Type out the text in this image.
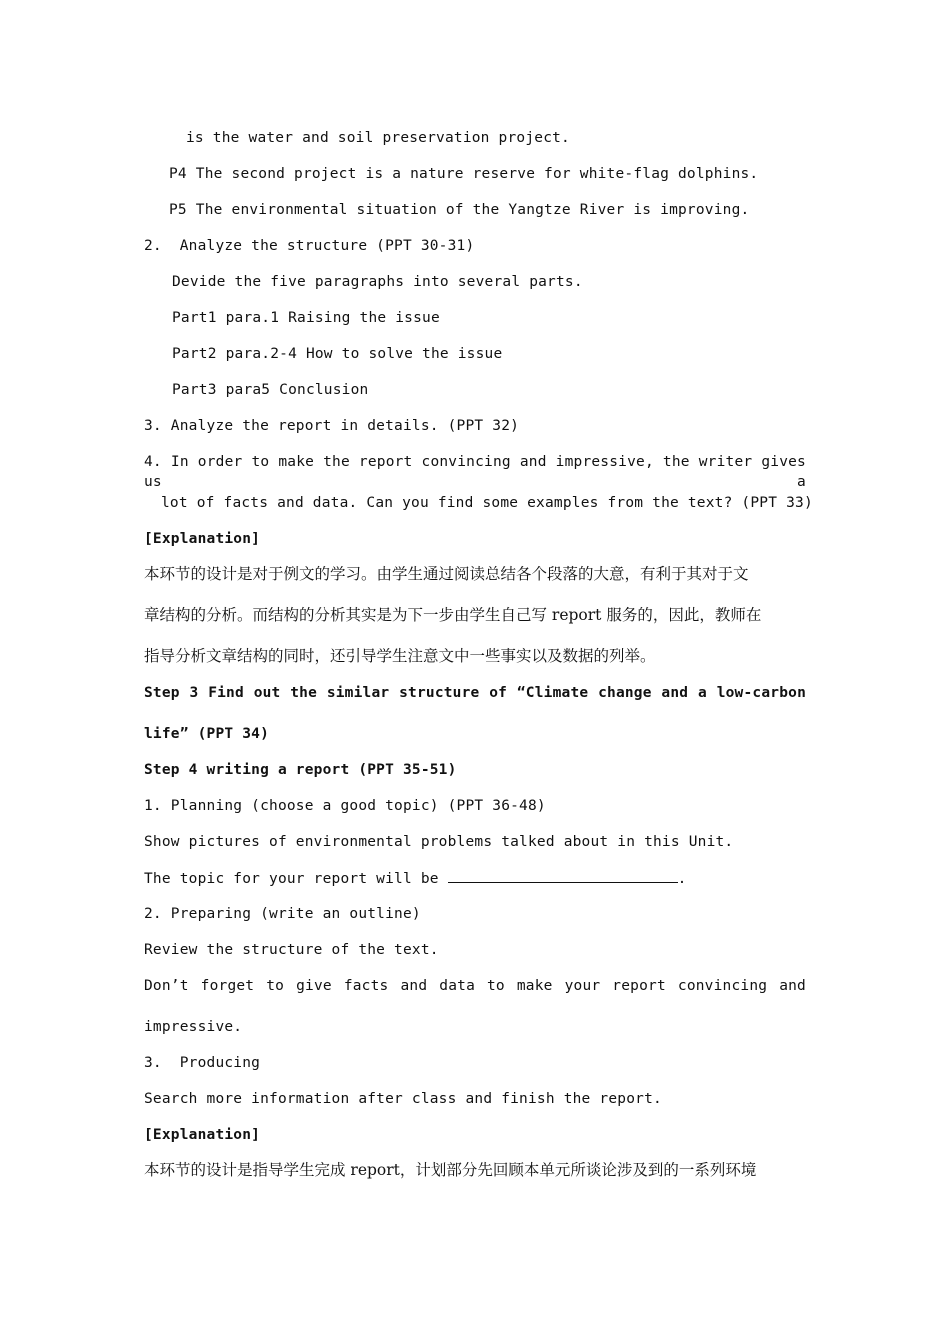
is the water and soil preservation project.
P4 The second project is a nature reserve for white-flag dolphins.
P5 The environmental situation of the Yangtze River is improving.
2.  Analyze the structure (PPT 30-31)
Devide the five paragraphs into several parts.
Part1 para.1 Raising the issue
Part2 para.2-4 How to solve the issue
Part3 para5 Conclusion
3. Analyze the report in details. (PPT 32)
4. In order to make the report convincing and impressive, the writer gives us a
lot of facts and data. Can you find some examples from the text? (PPT 33)
[Explanation]
本环节的设计是对于例文的学习。由学生通过阅读总结各个段落的大意，有利于其对于文
章结构的分析。而结构的分析其实是为下一步由学生自己写 report 服务的，因此，教师在
指导分析文章结构的同时，还引导学生注意文中一些事实以及数据的列举。
Step 3 Find out the similar structure of “Climate change and a low-carbon
life” (PPT 34)
Step 4 writing a report (PPT 35-51)
1. Planning (choose a good topic) (PPT 36-48)
Show pictures of environmental problems talked about in this Unit.
The topic for your report will be	.
2. Preparing (write an outline)
Review the structure of the text.
Don’t forget to give facts and data to make your report convincing and
impressive.
3.  Producing
Search more information after class and finish the report.
[Explanation]
本环节的设计是指导学生完成 report，计划部分先回顾本单元所谈论涉及到的一系列环境
